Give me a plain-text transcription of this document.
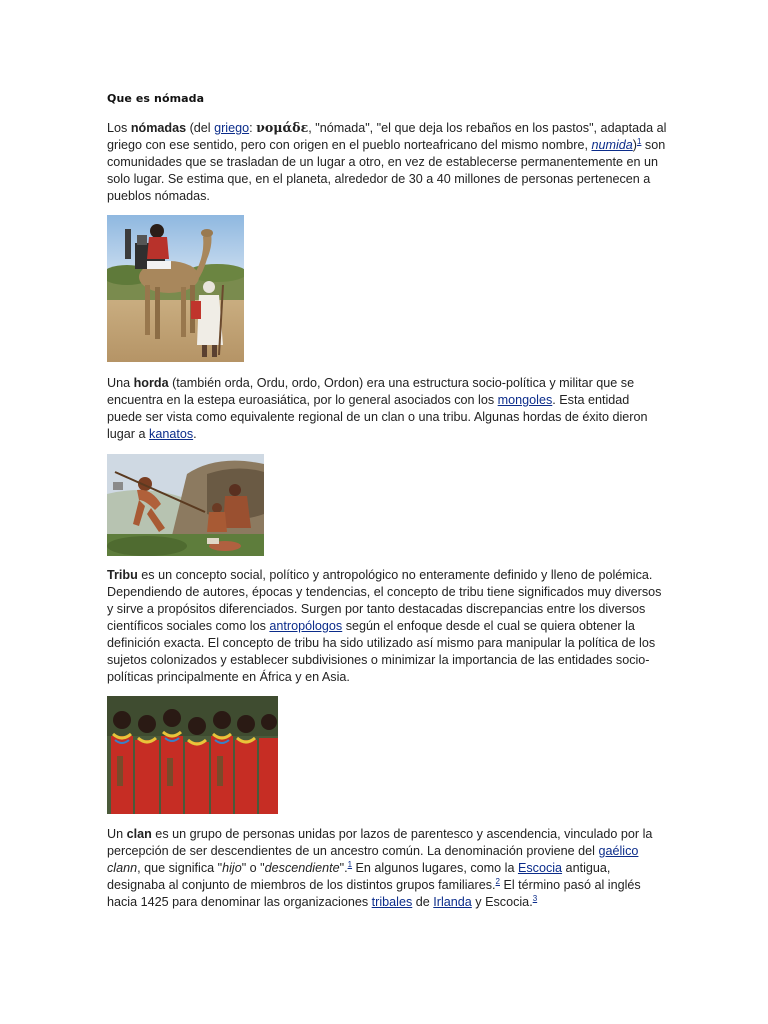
Que es nómada

Los nómadas (del griego: νομάδε, "nómada", "el que deja los rebaños en los pastos", adaptada al griego con ese sentido, pero con origen en el pueblo norteafricano del mismo nombre, numida)$^1$ son comunidades que se trasladan de un lugar a otro, en vez de establecerse permanentemente en un solo lugar. Se estima que, en el planeta, alrededor de 30 a 40 millones de personas pertenecen a pueblos nómadas.

Una horda (también orda, Ordu, ordo, Ordon) era una estructura socio-política y militar que se encuentra en la estepa euroasiática, por lo general asociados con los mongoles. Esta entidad puede ser vista como equivalente regional de un clan o una tribu. Algunas hordas de éxito dieron lugar a kanatos.

Tribu es un concepto social, político y antropológico no enteramente definido y lleno de polémica. Dependiendo de autores, épocas y tendencias, el concepto de tribu tiene significados muy diversos y sirve a propósitos diferenciados. Surgen por tanto destacadas discrepancias entre los diversos científicos sociales como los antropólogos según el enfoque desde el cual se quiera obtener la definición exacta. El concepto de tribu ha sido utilizado así mismo para manipular la política de los sujetos colonizados y establecer subdivisiones o minimizar la importancia de las entidades socio-políticas principalmente en África y en Asia.

Un clan es un grupo de personas unidas por lazos de parentesco y ascendencia, vinculado por la percepción de ser descendientes de un ancestro común. La denominación proviene del gaélico clann, que significa "hijo" o "descendiente".$^1$ En algunos lugares, como la Escocia antigua, designaba al conjunto de miembros de los distintos grupos familiares.$^2$ El término pasó al inglés hacia 1425 para denominar las organizaciones tribales de Irlanda y Escocia.$^3$
